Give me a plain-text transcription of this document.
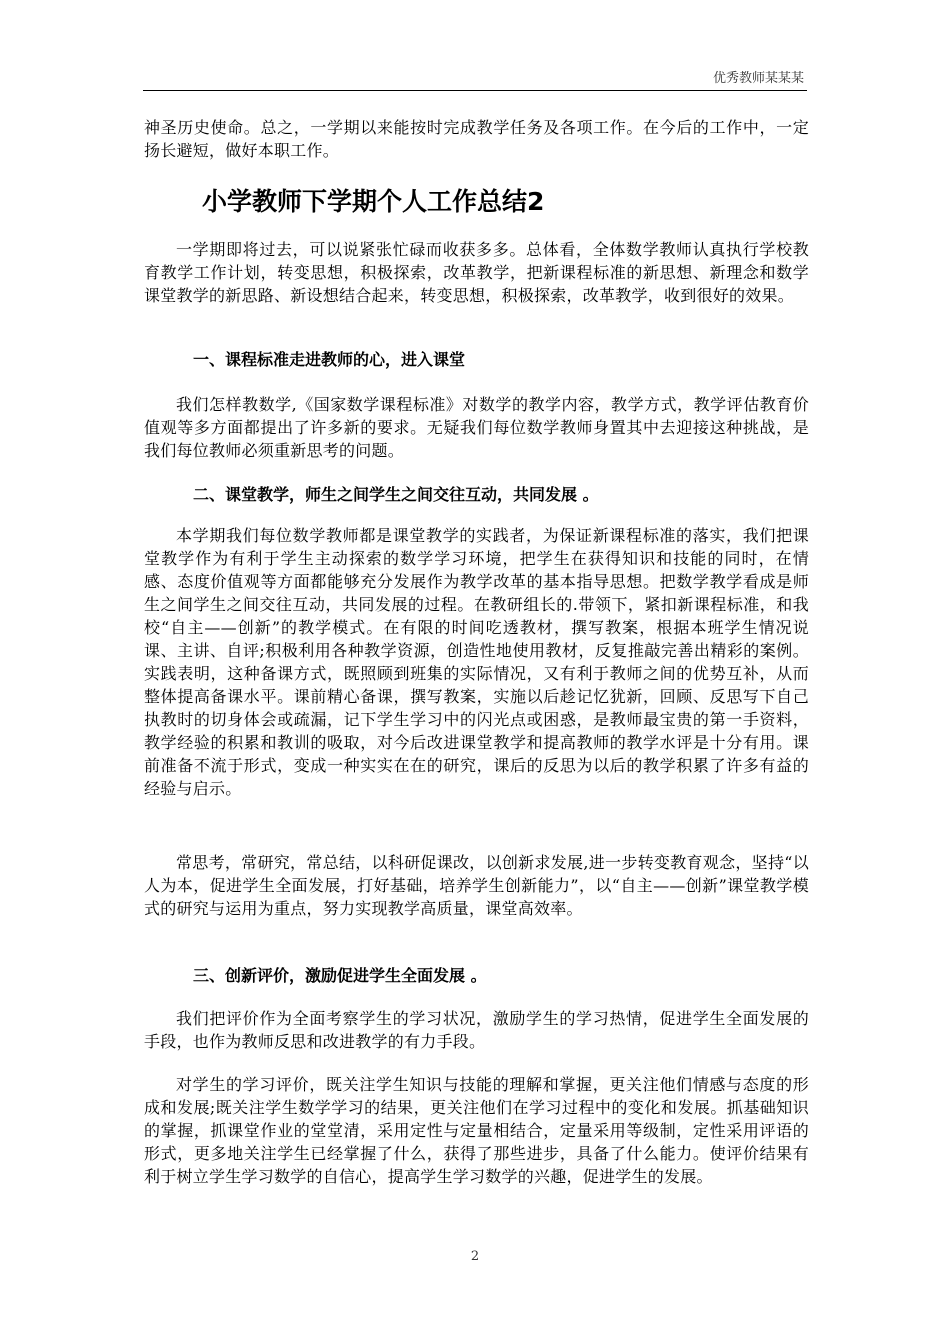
优秀教师某某某

神圣历史使命。总之，一学期以来能按时完成教学任务及各项工作。在今后的工作中，一定扬长避短，做好本职工作。

小学教师下学期个人工作总结2

一学期即将过去，可以说紧张忙碌而收获多多。总体看，全体数学教师认真执行学校教育教学工作计划，转变思想，积极探索，改革教学，把新课程标准的新思想、新理念和数学课堂教学的新思路、新设想结合起来，转变思想，积极探索，改革教学，收到很好的效果。

一、课程标准走进教师的心，进入课堂

我们怎样教数学,《国家数学课程标准》对数学的教学内容，教学方式，教学评估教育价值观等多方面都提出了许多新的要求。无疑我们每位数学教师身置其中去迎接这种挑战，是我们每位教师必须重新思考的问题。

二、课堂教学，师生之间学生之间交往互动，共同发展 。

本学期我们每位数学教师都是课堂教学的实践者，为保证新课程标准的落实，我们把课堂教学作为有利于学生主动探索的数学学习环境，把学生在获得知识和技能的同时，在情感、态度价值观等方面都能够充分发展作为教学改革的基本指导思想。把数学教学看成是师生之间学生之间交往互动，共同发展的过程。在教研组长的.带领下，紧扣新课程标准，和我校“自主——创新”的教学模式。在有限的时间吃透教材，撰写教案，根据本班学生情况说课、主讲、自评;积极利用各种教学资源，创造性地使用教材，反复推敲完善出精彩的案例。实践表明，这种备课方式，既照顾到班集的实际情况，又有利于教师之间的优势互补，从而整体提高备课水平。课前精心备课，撰写教案，实施以后趁记忆犹新，回顾、反思写下自己执教时的切身体会或疏漏，记下学生学习中的闪光点或困惑，是教师最宝贵的第一手资料，教学经验的积累和教训的吸取，对今后改进课堂教学和提高教师的教学水评是十分有用。课前准备不流于形式，变成一种实实在在的研究，课后的反思为以后的教学积累了许多有益的经验与启示。

常思考，常研究，常总结，以科研促课改，以创新求发展,进一步转变教育观念，坚持“以人为本，促进学生全面发展，打好基础，培养学生创新能力”，以“自主——创新”课堂教学模式的研究与运用为重点，努力实现教学高质量，课堂高效率。

三、创新评价，激励促进学生全面发展 。

我们把评价作为全面考察学生的学习状况，激励学生的学习热情，促进学生全面发展的手段，也作为教师反思和改进教学的有力手段。

对学生的学习评价，既关注学生知识与技能的理解和掌握，更关注他们情感与态度的形成和发展;既关注学生数学学习的结果，更关注他们在学习过程中的变化和发展。抓基础知识的掌握，抓课堂作业的堂堂清，采用定性与定量相结合，定量采用等级制，定性采用评语的形式，更多地关注学生已经掌握了什么，获得了那些进步，具备了什么能力。使评价结果有利于树立学生学习数学的自信心，提高学生学习数学的兴趣，促进学生的发展。

2
